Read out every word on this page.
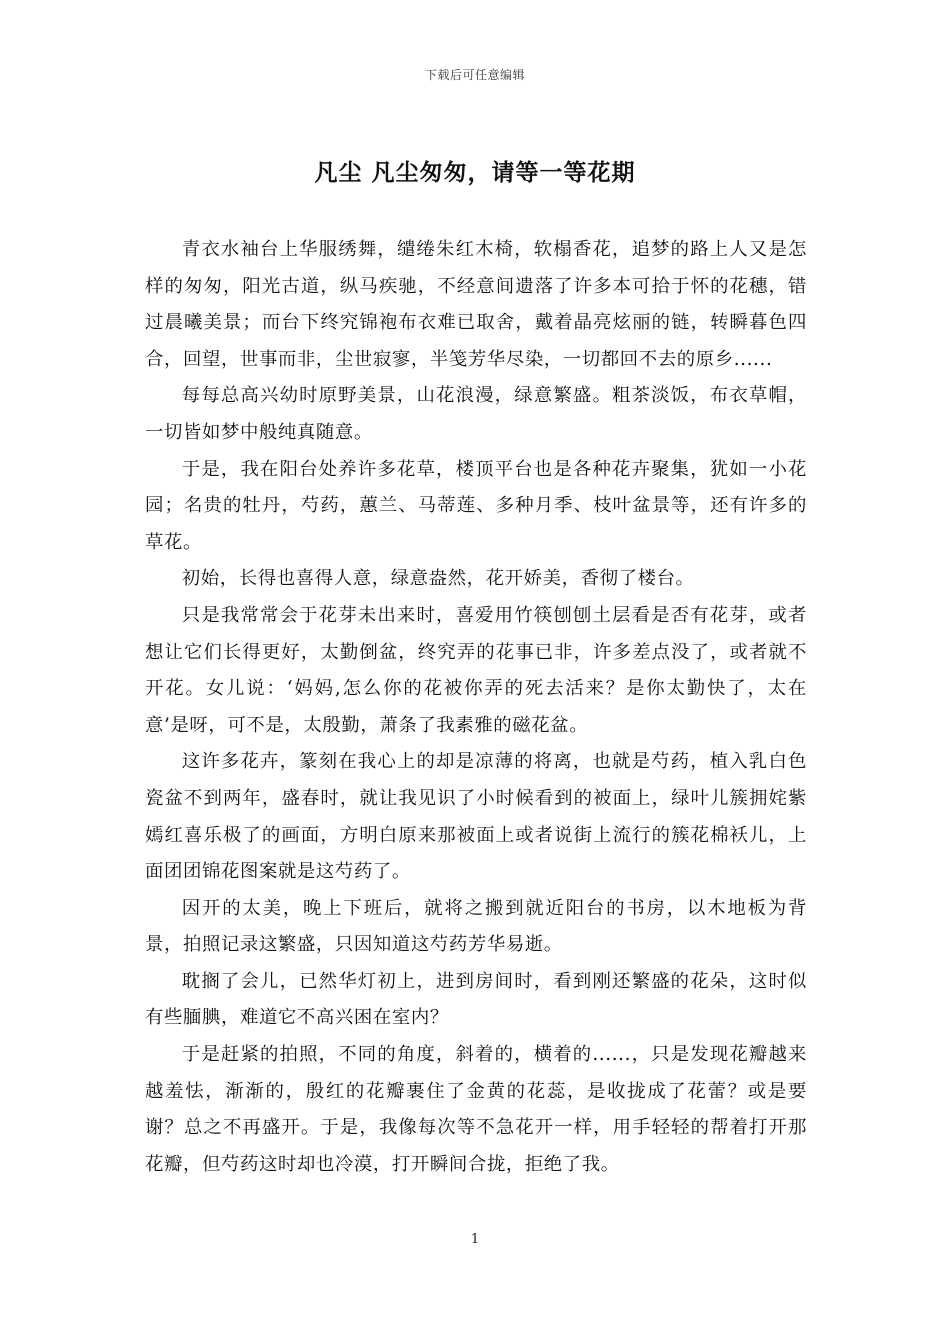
下载后可任意编辑
凡尘 凡尘匆匆，请等一等花期

青衣水袖台上华服绣舞，缱绻朱红木椅，软榻香花，追梦的路上人又是怎样的匆匆，阳光古道，纵马疾驰，不经意间遗落了许多本可拾于怀的花穗，错过晨曦美景；而台下终究锦袍布衣难已取舍，戴着晶亮炫丽的链，转瞬暮色四合，回望，世事而非，尘世寂寥，半笺芳华尽染，一切都回不去的原乡......

每每总高兴幼时原野美景，山花浪漫，绿意繁盛。粗茶淡饭，布衣草帽，一切皆如梦中般纯真随意。

于是，我在阳台处养许多花草，楼顶平台也是各种花卉聚集，犹如一小花园；名贵的牡丹，芍药，蕙兰、马蒂莲、多种月季、枝叶盆景等，还有许多的草花。

初始，长得也喜得人意，绿意盎然，花开娇美，香彻了楼台。

只是我常常会于花芽未出来时，喜爱用竹筷刨刨土层看是否有花芽，或者想让它们长得更好，太勤倒盆，终究弄的花事已非，许多差点没了，或者就不开花。女儿说：‘妈妈,怎么你的花被你弄的死去活来？是你太勤快了，太在意’是呀，可不是，太殷勤，萧条了我素雅的磁花盆。

这许多花卉，篆刻在我心上的却是凉薄的将离，也就是芍药，植入乳白色瓷盆不到两年，盛春时，就让我见识了小时候看到的被面上，绿叶儿簇拥姹紫嫣红喜乐极了的画面，方明白原来那被面上或者说街上流行的簇花棉袄儿，上面团团锦花图案就是这芍药了。

因开的太美，晚上下班后，就将之搬到就近阳台的书房，以木地板为背景，拍照记录这繁盛，只因知道这芍药芳华易逝。

耽搁了会儿，已然华灯初上，进到房间时，看到刚还繁盛的花朵，这时似有些腼腆，难道它不高兴困在室内？

于是赶紧的拍照，不同的角度，斜着的，横着的......，只是发现花瓣越来越羞怯，渐渐的，殷红的花瓣裹住了金黄的花蕊，是收拢成了花蕾？或是要谢？总之不再盛开。于是，我像每次等不急花开一样，用手轻轻的帮着打开那花瓣，但芍药这时却也冷漠，打开瞬间合拢，拒绝了我。

1
